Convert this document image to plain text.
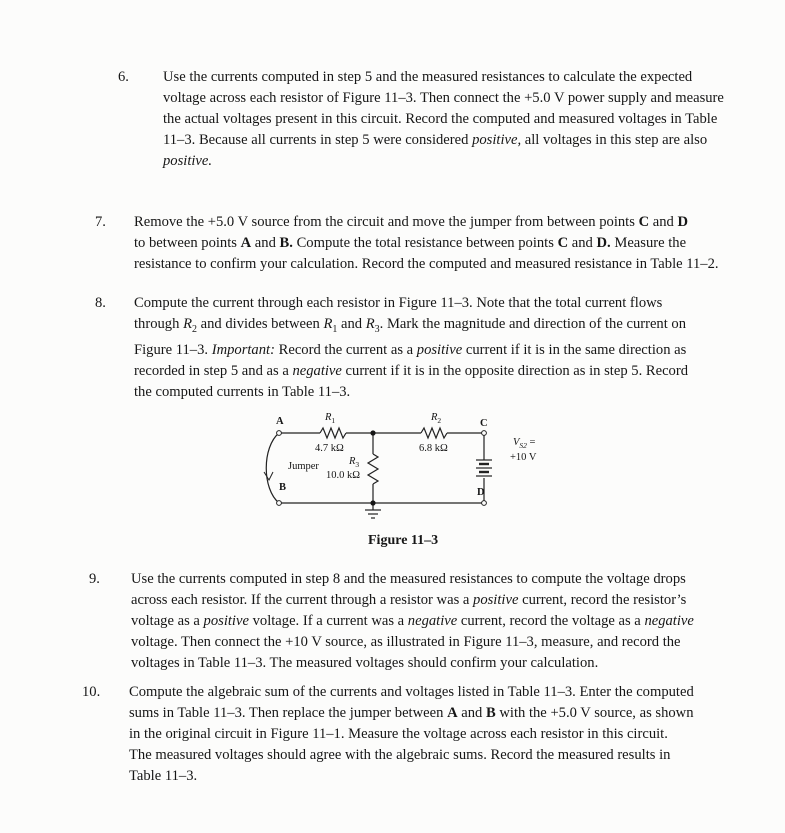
6. Use the currents computed in step 5 and the measured resistances to calculate the expected
voltage across each resistor of Figure 11–3. Then connect the +5.0 V power supply and measure
the actual voltages present in this circuit. Record the computed and measured voltages in Table
11–3. Because all currents in step 5 were considered positive, all voltages in this step are also
positive.
7. Remove the +5.0 V source from the circuit and move the jumper from between points C and D
to between points A and B. Compute the total resistance between points C and D. Measure the
resistance to confirm your calculation. Record the computed and measured resistance in Table 11–2.
8. Compute the current through each resistor in Figure 11–3. Note that the total current flows
through $R_2$ and divides between $R_1$ and $R_3$. Mark the magnitude and direction of the current on
Figure 11–3. Important: Record the current as a positive current if it is in the same direction as
recorded in step 5 and as a negative current if it is in the opposite direction as in step 5. Record
the computed currents in Table 11–3.
A
B
C
D
$R_1$
4.7 kΩ
$R_2$
6.8 kΩ
$R_3$
10.0 kΩ
Jumper
$V_{S2}$ =
+10 V
Figure 11–3
9. Use the currents computed in step 8 and the measured resistances to compute the voltage drops
across each resistor. If the current through a resistor was a positive current, record the resistor’s
voltage as a positive voltage. If a current was a negative current, record the voltage as a negative
voltage. Then connect the +10 V source, as illustrated in Figure 11–3, measure, and record the
voltages in Table 11–3. The measured voltages should confirm your calculation.
10. Compute the algebraic sum of the currents and voltages listed in Table 11–3. Enter the computed
sums in Table 11–3. Then replace the jumper between A and B with the +5.0 V source, as shown
in the original circuit in Figure 11–1. Measure the voltage across each resistor in this circuit.
The measured voltages should agree with the algebraic sums. Record the measured results in
Table 11–3.
